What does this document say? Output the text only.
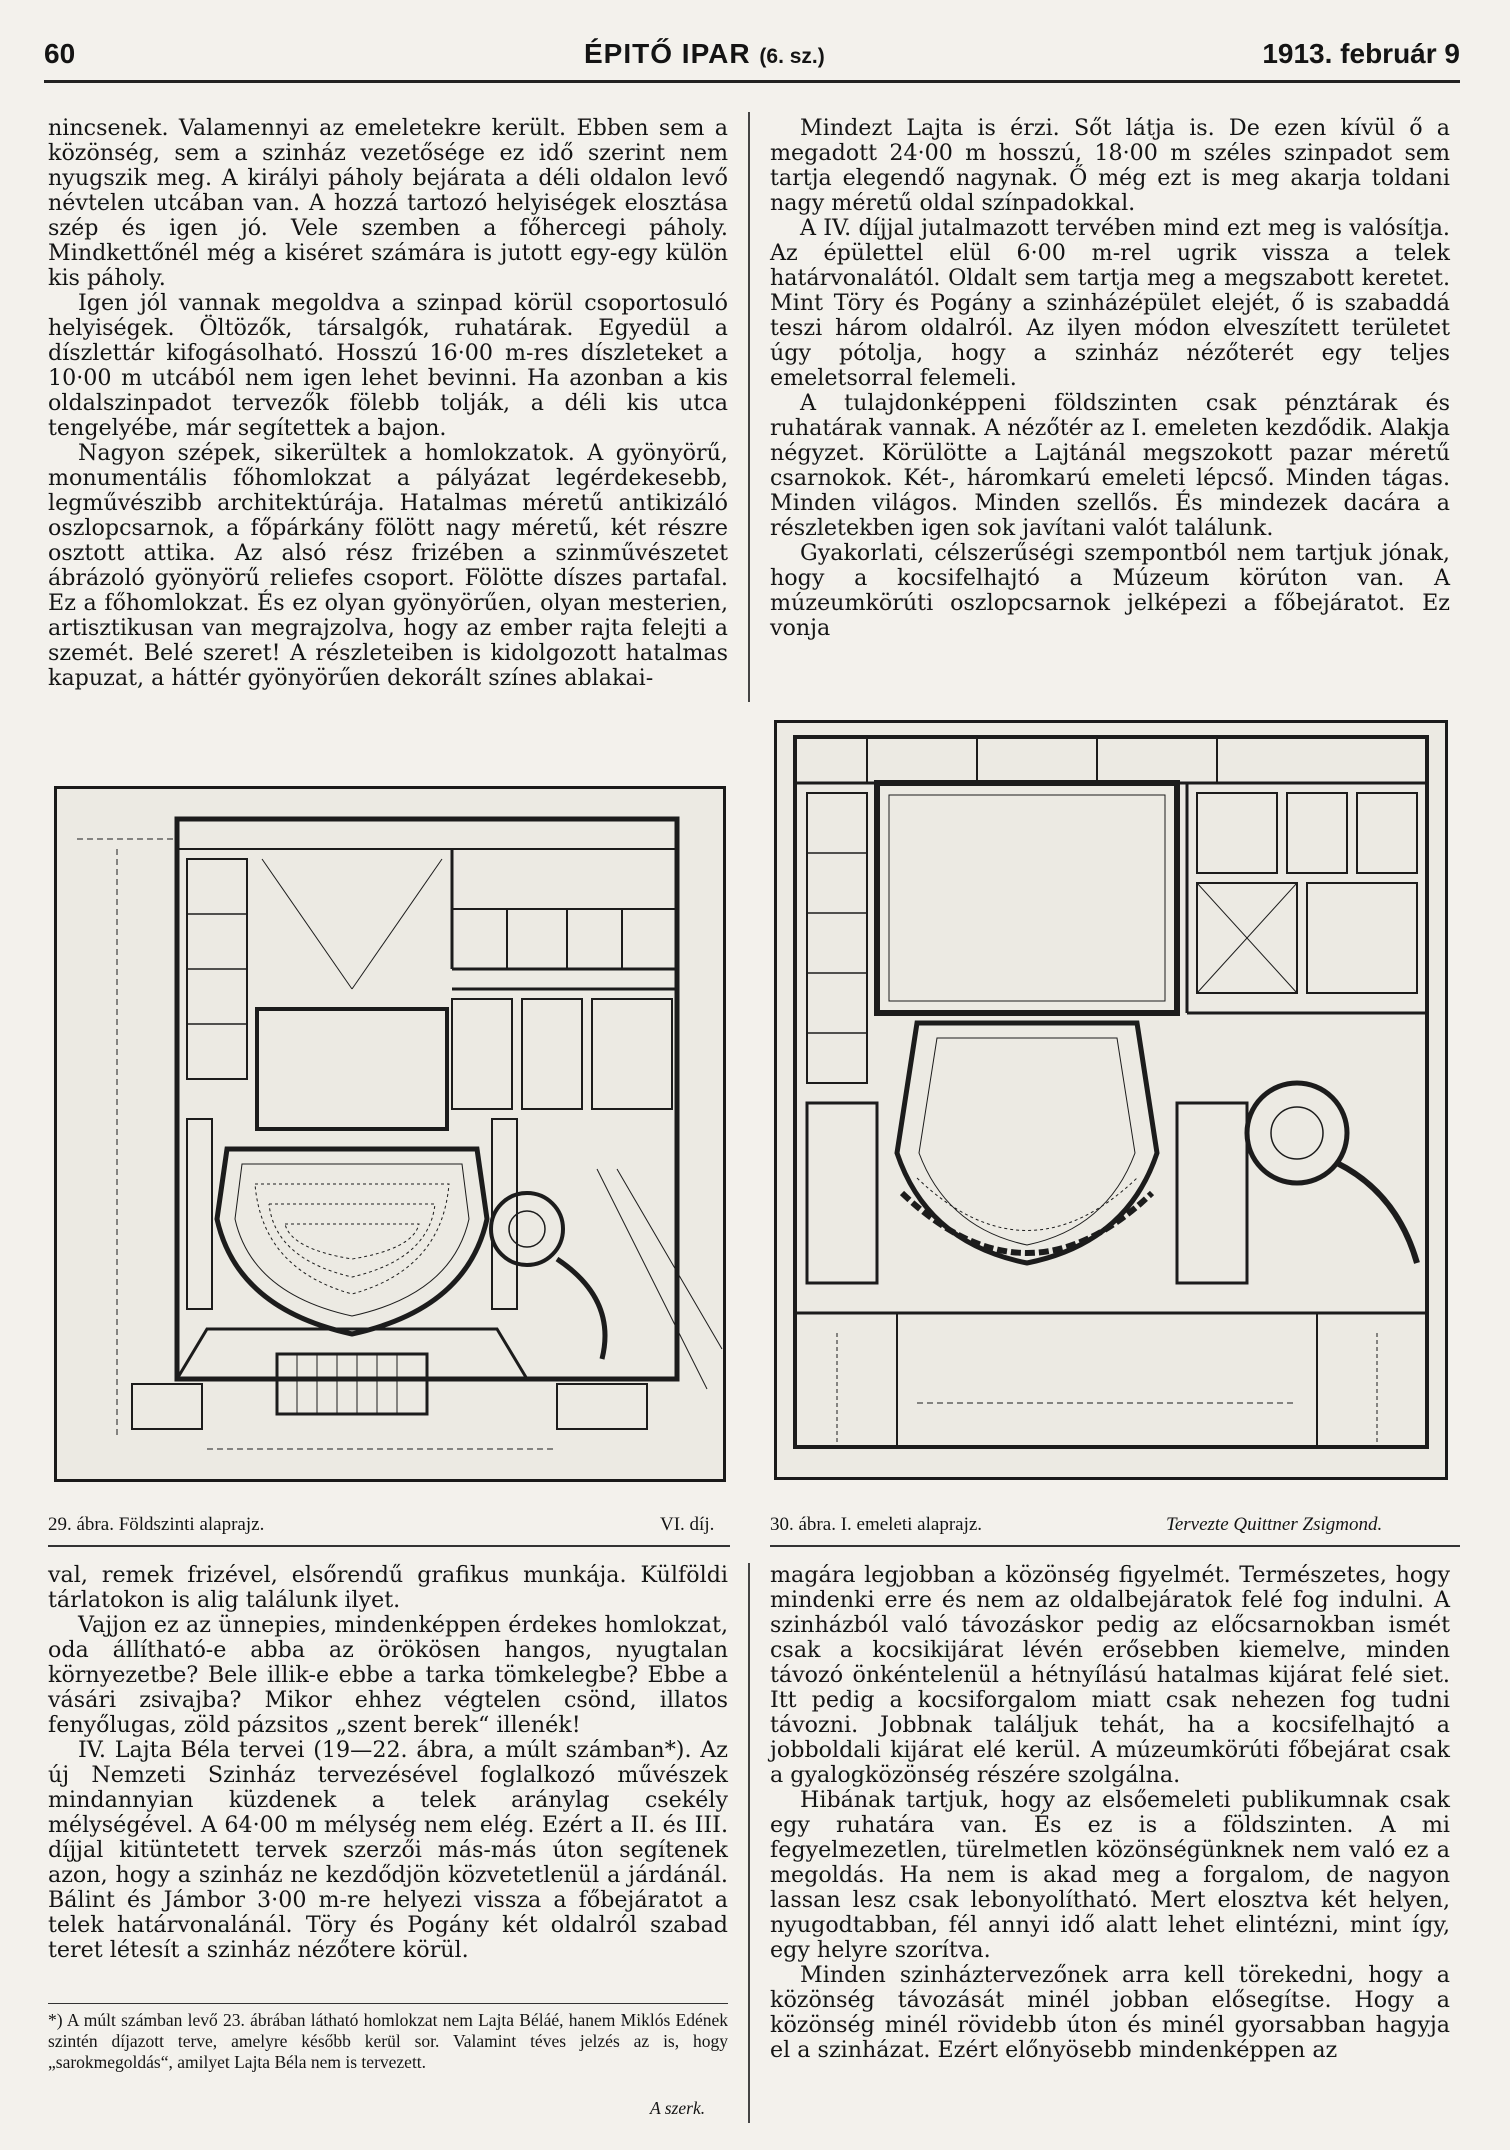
60	ÉPITŐ IPAR (6. sz.)	1913. február 9

nincsenek. Valamennyi az emeletekre került. Ebben sem a közönség, sem a szinház vezetősége ez idő szerint nem nyugszik meg. A királyi páholy bejárata a déli oldalon levő névtelen utcában van. A hozzá tartozó helyiségek elosztása szép és igen jó. Vele szemben a főhercegi páholy. Mindkettőnél még a kiséret számára is jutott egy-egy külön kis páholy.

Igen jól vannak megoldva a szinpad körül csoportosuló helyiségek. Öltözők, társalgók, ruhatárak. Egyedül a díszlettár kifogásolható. Hosszú 16·00 m-res díszleteket a 10·00 m utcából nem igen lehet bevinni. Ha azonban a kis oldalszinpadot tervezők fölebb tolják, a déli kis utca tengelyébe, már segítettek a bajon.

Nagyon szépek, sikerültek a homlokzatok. A gyönyörű, monumentális főhomlokzat a pályázat legérdekesebb, legművészibb architektúrája. Hatalmas méretű antikizáló oszlopcsarnok, a főpárkány fölött nagy méretű, két részre osztott attika. Az alsó rész frizében a szinművészetet ábrázoló gyönyörű reliefes csoport. Fölötte díszes partafal. Ez a főhomlokzat. És ez olyan gyönyörűen, olyan mesterien, artisztikusan van megrajzolva, hogy az ember rajta felejti a szemét. Belé szeret! A részleteiben is kidolgozott hatalmas kapuzat, a háttér gyönyörűen dekorált színes ablakai-

Mindezt Lajta is érzi. Sőt látja is. De ezen kívül ő a megadott 24·00 m hosszú, 18·00 m széles szinpadot sem tartja elegendő nagynak. Ő még ezt is meg akarja toldani nagy méretű oldal színpadokkal.

A IV. díjjal jutalmazott tervében mind ezt meg is valósítja. Az épülettel elül 6·00 m-rel ugrik vissza a telek határvonalától. Oldalt sem tartja meg a megszabott keretet. Mint Töry és Pogány a szinházépület elejét, ő is szabaddá teszi három oldalról. Az ilyen módon elveszített területet úgy pótolja, hogy a szinház nézőterét egy teljes emeletsorral felemeli.

A tulajdonképpeni földszinten csak pénztárak és ruhatárak vannak. A nézőtér az I. emeleten kezdődik. Alakja négyzet. Körülötte a Lajtánál megszokott pazar méretű csarnokok. Két-, háromkarú emeleti lépcső. Minden tágas. Minden világos. Minden szellős. És mindezek dacára a részletekben igen sok javítani valót találunk.

Gyakorlati, célszerűségi szempontból nem tartjuk jónak, hogy a kocsifelhajtó a Múzeum körúton van. A múzeumkörúti oszlopcsarnok jelképezi a főbejáratot. Ez vonja

29. ábra. Földszinti alaprajz.	VI. díj.	30. ábra. I. emeleti alaprajz.	Tervezte Quittner Zsigmond.

val, remek frizével, elsőrendű grafikus munkája. Külföldi tárlatokon is alig találunk ilyet.

Vajjon ez az ünnepies, mindenképpen érdekes homlokzat, oda állítható-e abba az örökösen hangos, nyugtalan környezetbe? Bele illik-e ebbe a tarka tömkelegbe? Ebbe a vásári zsivajba? Mikor ehhez végtelen csönd, illatos fenyőlugas, zöld pázsitos „szent berek“ illenék!

IV. Lajta Béla tervei (19—22. ábra, a múlt számban*). Az új Nemzeti Szinház tervezésével foglalkozó művészek mindannyian küzdenek a telek aránylag csekély mélységével. A 64·00 m mélység nem elég. Ezért a II. és III. díjjal kitüntetett tervek szerzői más-más úton segítenek azon, hogy a szinház ne kezdődjön közvetetlenül a járdánál. Bálint és Jámbor 3·00 m-re helyezi vissza a főbejáratot a telek határvonalánál. Töry és Pogány két oldalról szabad teret létesít a szinház nézőtere körül.

*) A múlt számban levő 23. ábrában látható homlokzat nem Lajta Béláé, hanem Miklós Edének szintén díjazott terve, amelyre később kerül sor. Valamint téves jelzés az is, hogy „sarokmegoldás“, amilyet Lajta Béla nem is tervezett.
A szerk.

magára legjobban a közönség figyelmét. Természetes, hogy mindenki erre és nem az oldalbejáratok felé fog indulni. A szinházból való távozáskor pedig az előcsarnokban ismét csak a kocsikijárat lévén erősebben kiemelve, minden távozó önkéntelenül a hétnyílású hatalmas kijárat felé siet. Itt pedig a kocsiforgalom miatt csak nehezen fog tudni távozni. Jobbnak találjuk tehát, ha a kocsifelhajtó a jobboldali kijárat elé kerül. A múzeumkörúti főbejárat csak a gyalogközönség részére szolgálna.

Hibának tartjuk, hogy az elsőemeleti publikumnak csak egy ruhatára van. És ez is a földszinten. A mi fegyelmezetlen, türelmetlen közönségünknek nem való ez a megoldás. Ha nem is akad meg a forgalom, de nagyon lassan lesz csak lebonyolítható. Mert elosztva két helyen, nyugodtabban, fél annyi idő alatt lehet elintézni, mint így, egy helyre szorítva.

Minden szinháztervezőnek arra kell törekedni, hogy a közönség távozását minél jobban elősegítse. Hogy a közönség minél rövidebb úton és minél gyorsabban hagyja el a szinházat. Ezért előnyösebb mindenképpen az
